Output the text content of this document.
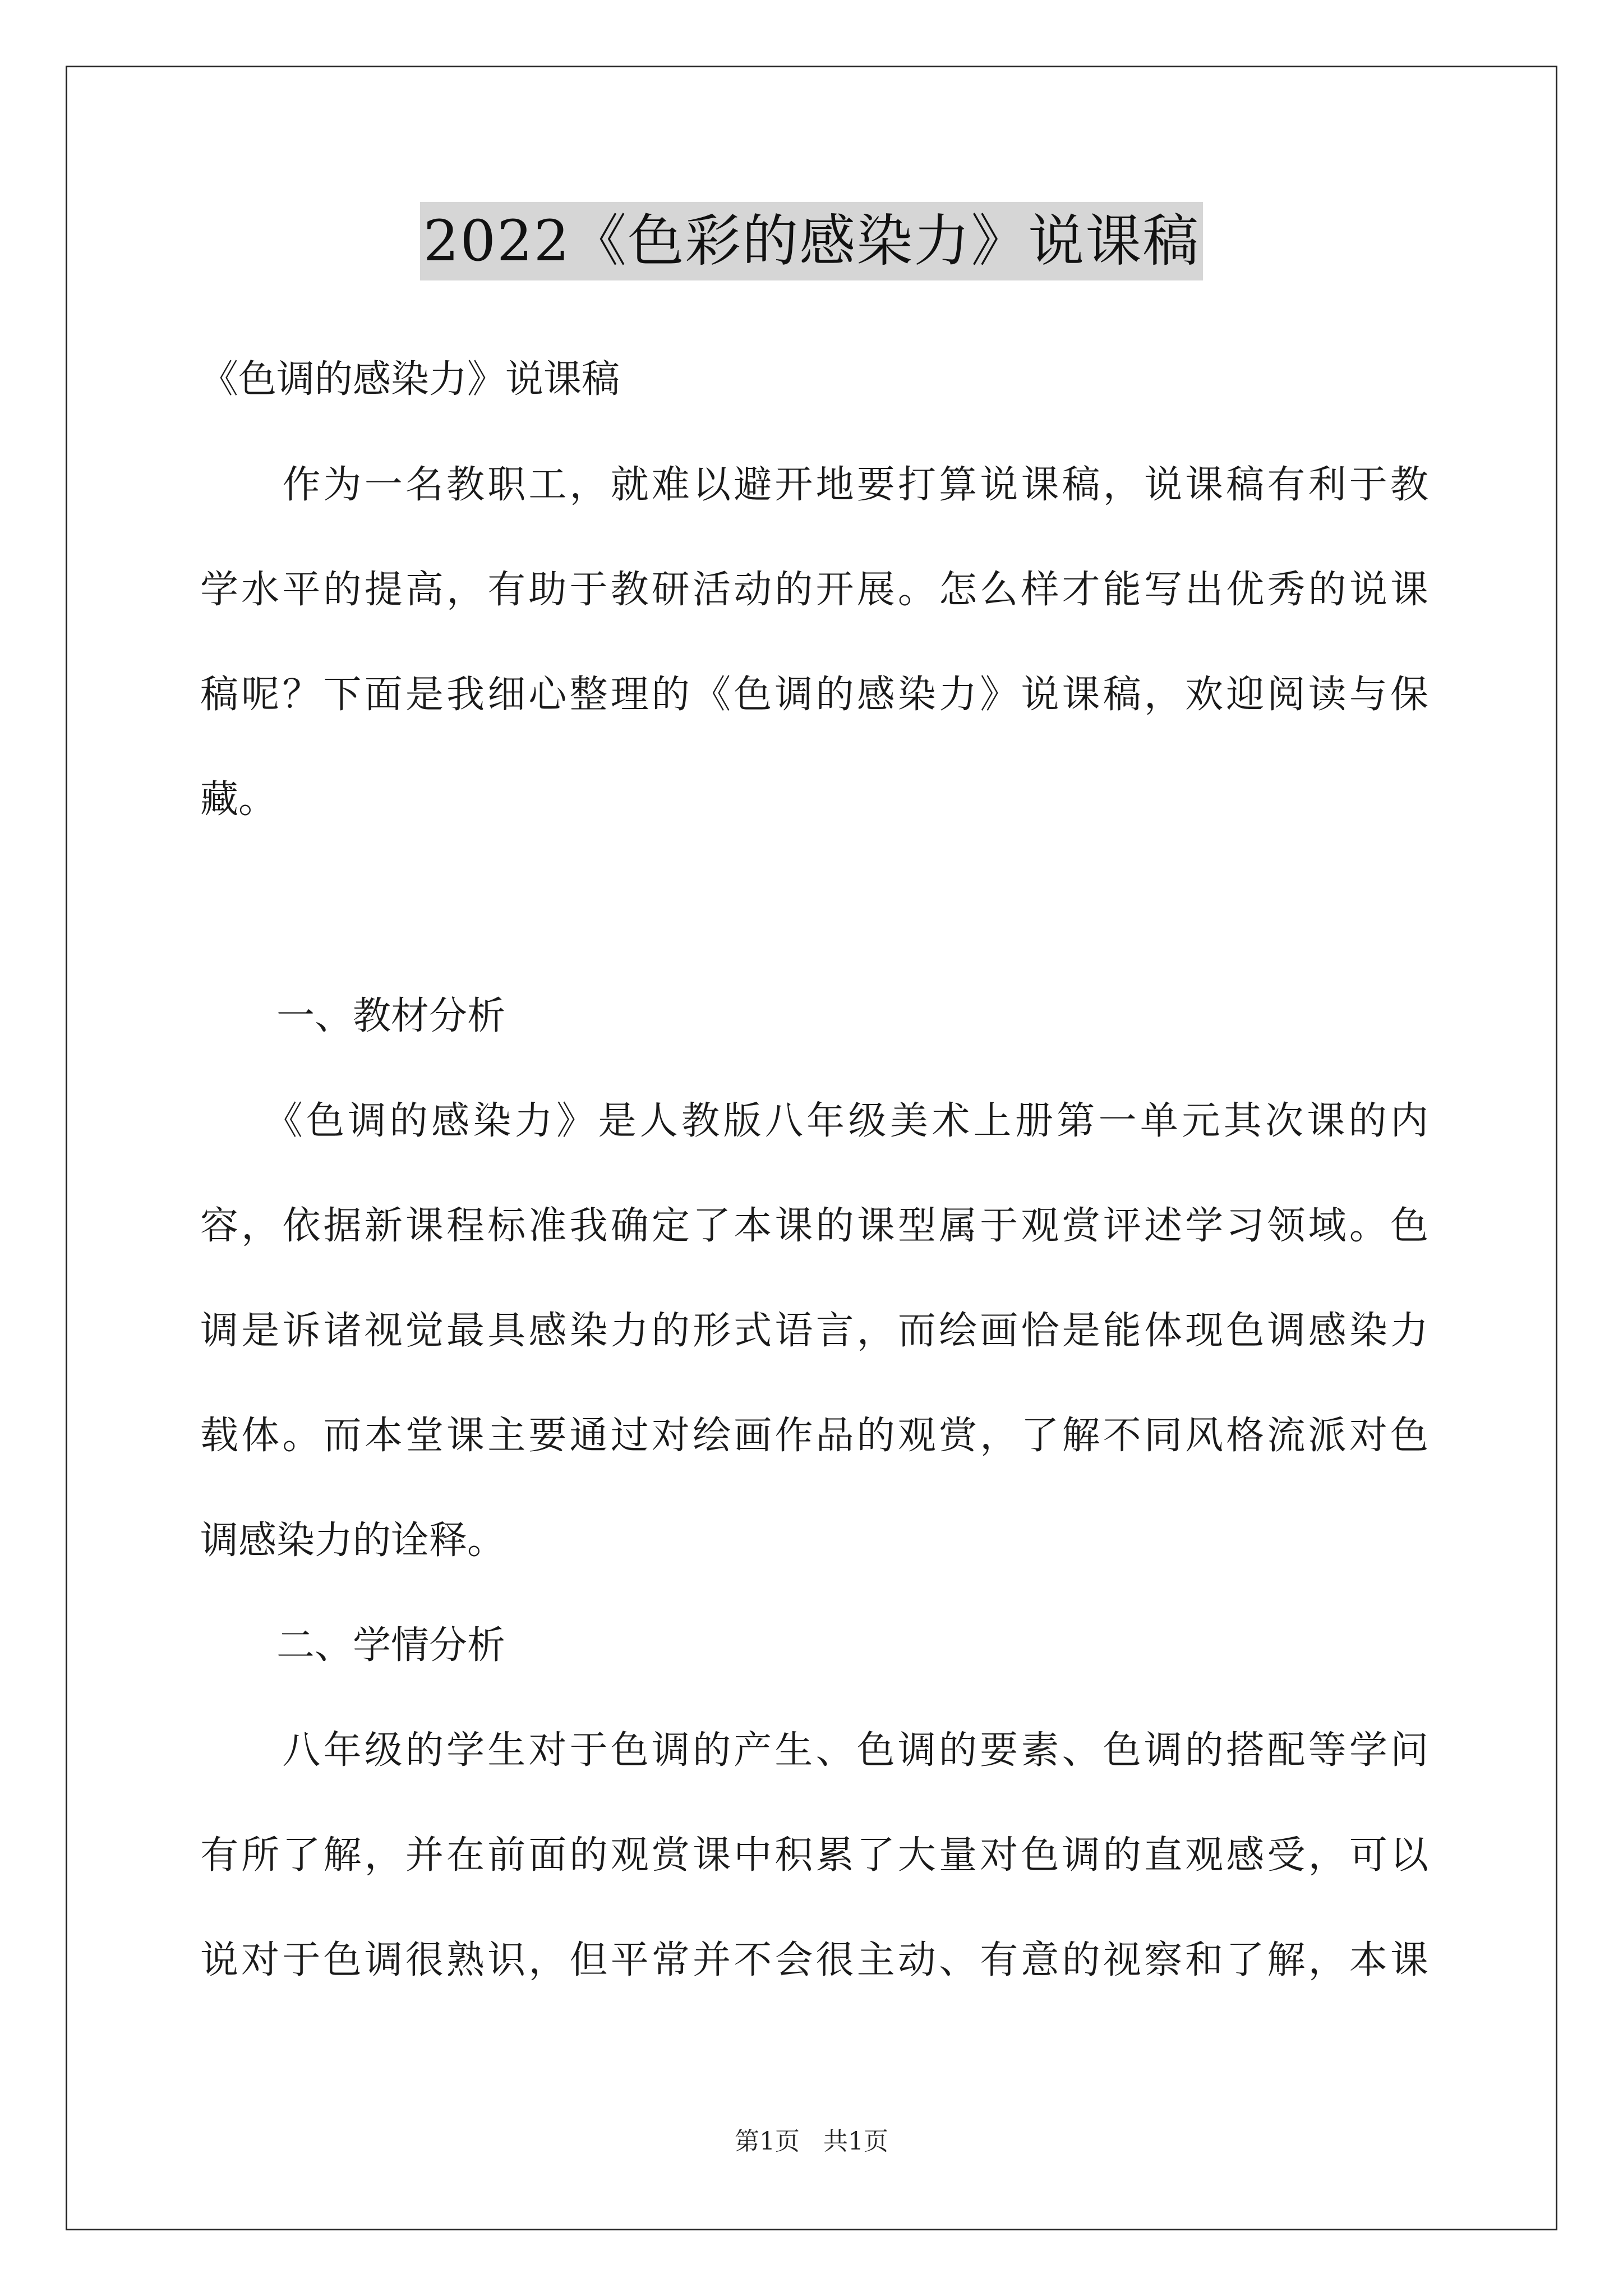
2022《色彩的感染力》说课稿
《色调的感染力》说课稿
　　作为一名教职工，就难以避开地要打算说课稿，说课稿有利于教
学水平的提高，有助于教研活动的开展。怎么样才能写出优秀的说课
稿呢？下面是我细心整理的《色调的感染力》说课稿，欢迎阅读与保
藏。
　　一、教材分析
　　《色调的感染力》是人教版八年级美术上册第一单元其次课的内
容，依据新课程标准我确定了本课的课型属于观赏评述学习领域。色
调是诉诸视觉最具感染力的形式语言，而绘画恰是能体现色调感染力
载体。而本堂课主要通过对绘画作品的观赏，了解不同风格流派对色
调感染力的诠释。
　　二、学情分析
　　八年级的学生对于色调的产生、色调的要素、色调的搭配等学问
有所了解，并在前面的观赏课中积累了大量对色调的直观感受，可以
说对于色调很熟识，但平常并不会很主动、有意的视察和了解，本课
第1页   共1页
